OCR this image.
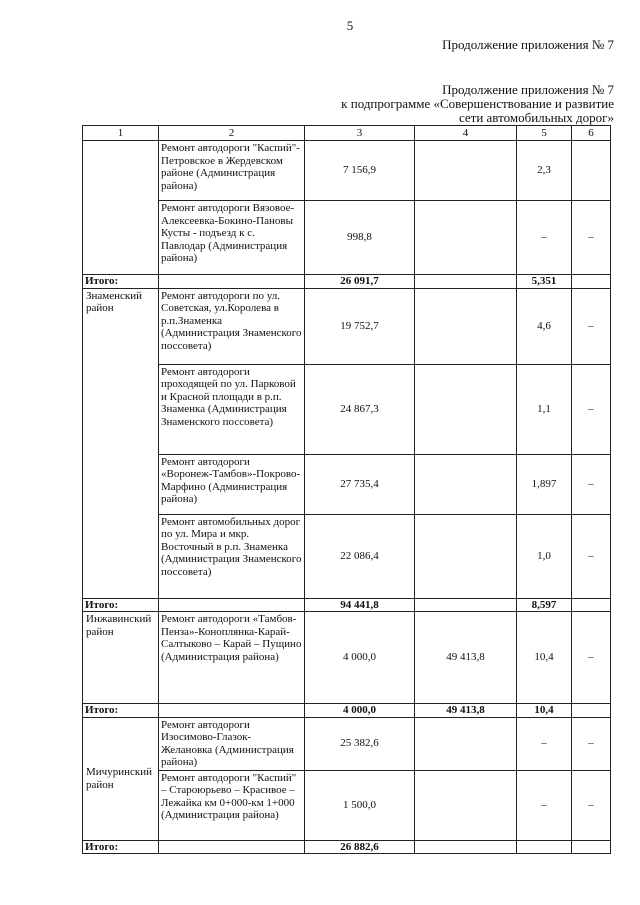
5
Продолжение приложения № 7
Продолжение приложения № 7
к подпрограмме «Совершенствование и развитие
сети автомобильных дорог»
1	2	3	4	5	6
	Ремонт автодороги "Каспий"-Петровское в Жердевском районе (Администрация района)	7 156,9		2,3	
	Ремонт автодороги Вязовое- Алексеевка-Бокино-Пановы Кусты - подъезд к с. Павлодар (Администрация района)	998,8		–	–
Итого:		26 091,7		5,351	
Знаменский район	Ремонт автодороги по ул. Советская, ул.Королева в р.п.Знаменка (Администрация Знаменского поссовета)	19 752,7		4,6	–
	Ремонт автодороги проходящей по ул. Парковой и Красной площади в р.п. Знаменка (Администрация Знаменского поссовета)	24 867,3		1,1	–
	Ремонт автодороги «Воронеж-Тамбов»-Покрово-Марфино (Администрация района)	27 735,4		1,897	–
	Ремонт автомобильных дорог по ул. Мира и мкр. Восточный в р.п. Знаменка (Администрация Знаменского поссовета)	22 086,4		1,0	–
Итого:		94 441,8		8,597	
Инжавинский район	Ремонт автодороги «Тамбов-Пенза»-Коноплянка-Карай-Салтыково – Карай – Пущино (Администрация района)	4 000,0	49 413,8	10,4	–
Итого:		4 000,0	49 413,8	10,4	
Мичуринский район	Ремонт автодороги Изосимово-Глазок-Желановка (Администрация района)	25 382,6		–	–
	Ремонт автодороги "Каспий" – Староюрьево – Красивое – Лежайка км 0+000-км 1+000 (Администрация района)	1 500,0		–	–
Итого:		26 882,6			
